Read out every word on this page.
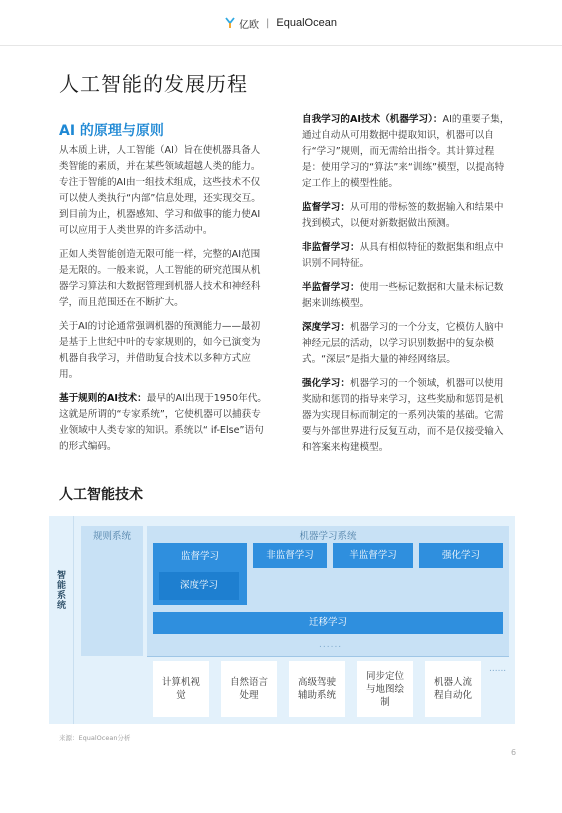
亿欧 | EqualOcean
人工智能的发展历程
AI 的原理与原则

从本质上讲，人工智能（AI）旨在使机器具备人类智能的素质，并在某些领域超越人类的能力。专注于智能的AI由一组技术组成，这些技术不仅可以使人类执行“内部”信息处理，还实现交互。到目前为止，机器感知、学习和做事的能力使AI可以应用于人类世界的许多活动中。

正如人类智能创造无限可能一样，完整的AI范围是无限的。一般来说，人工智能的研究范围从机器学习算法和大数据管理到机器人技术和神经科学，而且范围还在不断扩大。

关于AI的讨论通常强调机器的预测能力——最初是基于上世纪中叶的专家规则的，如今已演变为机器自我学习，并借助复合技术以多种方式应用。

基于规则的AI技术：最早的AI出现于1950年代。这就是所谓的“专家系统”，它使机器可以捕获专业领域中人类专家的知识。系统以“ if-Else”语句的形式编码。

自我学习的AI技术（机器学习）：AI的重要子集，通过自动从可用数据中提取知识，机器可以自行“学习”规则，而无需给出指令。其计算过程是：使用学习的“算法”来“训练”模型，以提高特定工作上的模型性能。

监督学习：从可用的带标签的数据输入和结果中找到模式，以便对新数据做出预测。

非监督学习：从具有相似特征的数据集和组点中识别不同特征。

半监督学习：使用一些标记数据和大量未标记数据来训练模型。

深度学习：机器学习的一个分支，它模仿人脑中神经元层的活动，以学习识别数据中的复杂模式。“深层”是指大量的神经网络层。

强化学习：机器学习的一个领域，机器可以使用奖励和惩罚的指导来学习，这些奖励和惩罚是机器为实现目标而制定的一系列决策的基础。它需要与外部世界进行反复互动，而不是仅接受输入和答案来构建模型。

人工智能技术
智能系统
规则系统	机器学习系统
监督学习
深度学习
非监督学习	半监督学习	强化学习
迁移学习
......
计算机视觉
自然语言处理
高级驾驶辅助系统
同步定位与地图绘制
机器人流程自动化
......
来源：EqualOcean分析
6
